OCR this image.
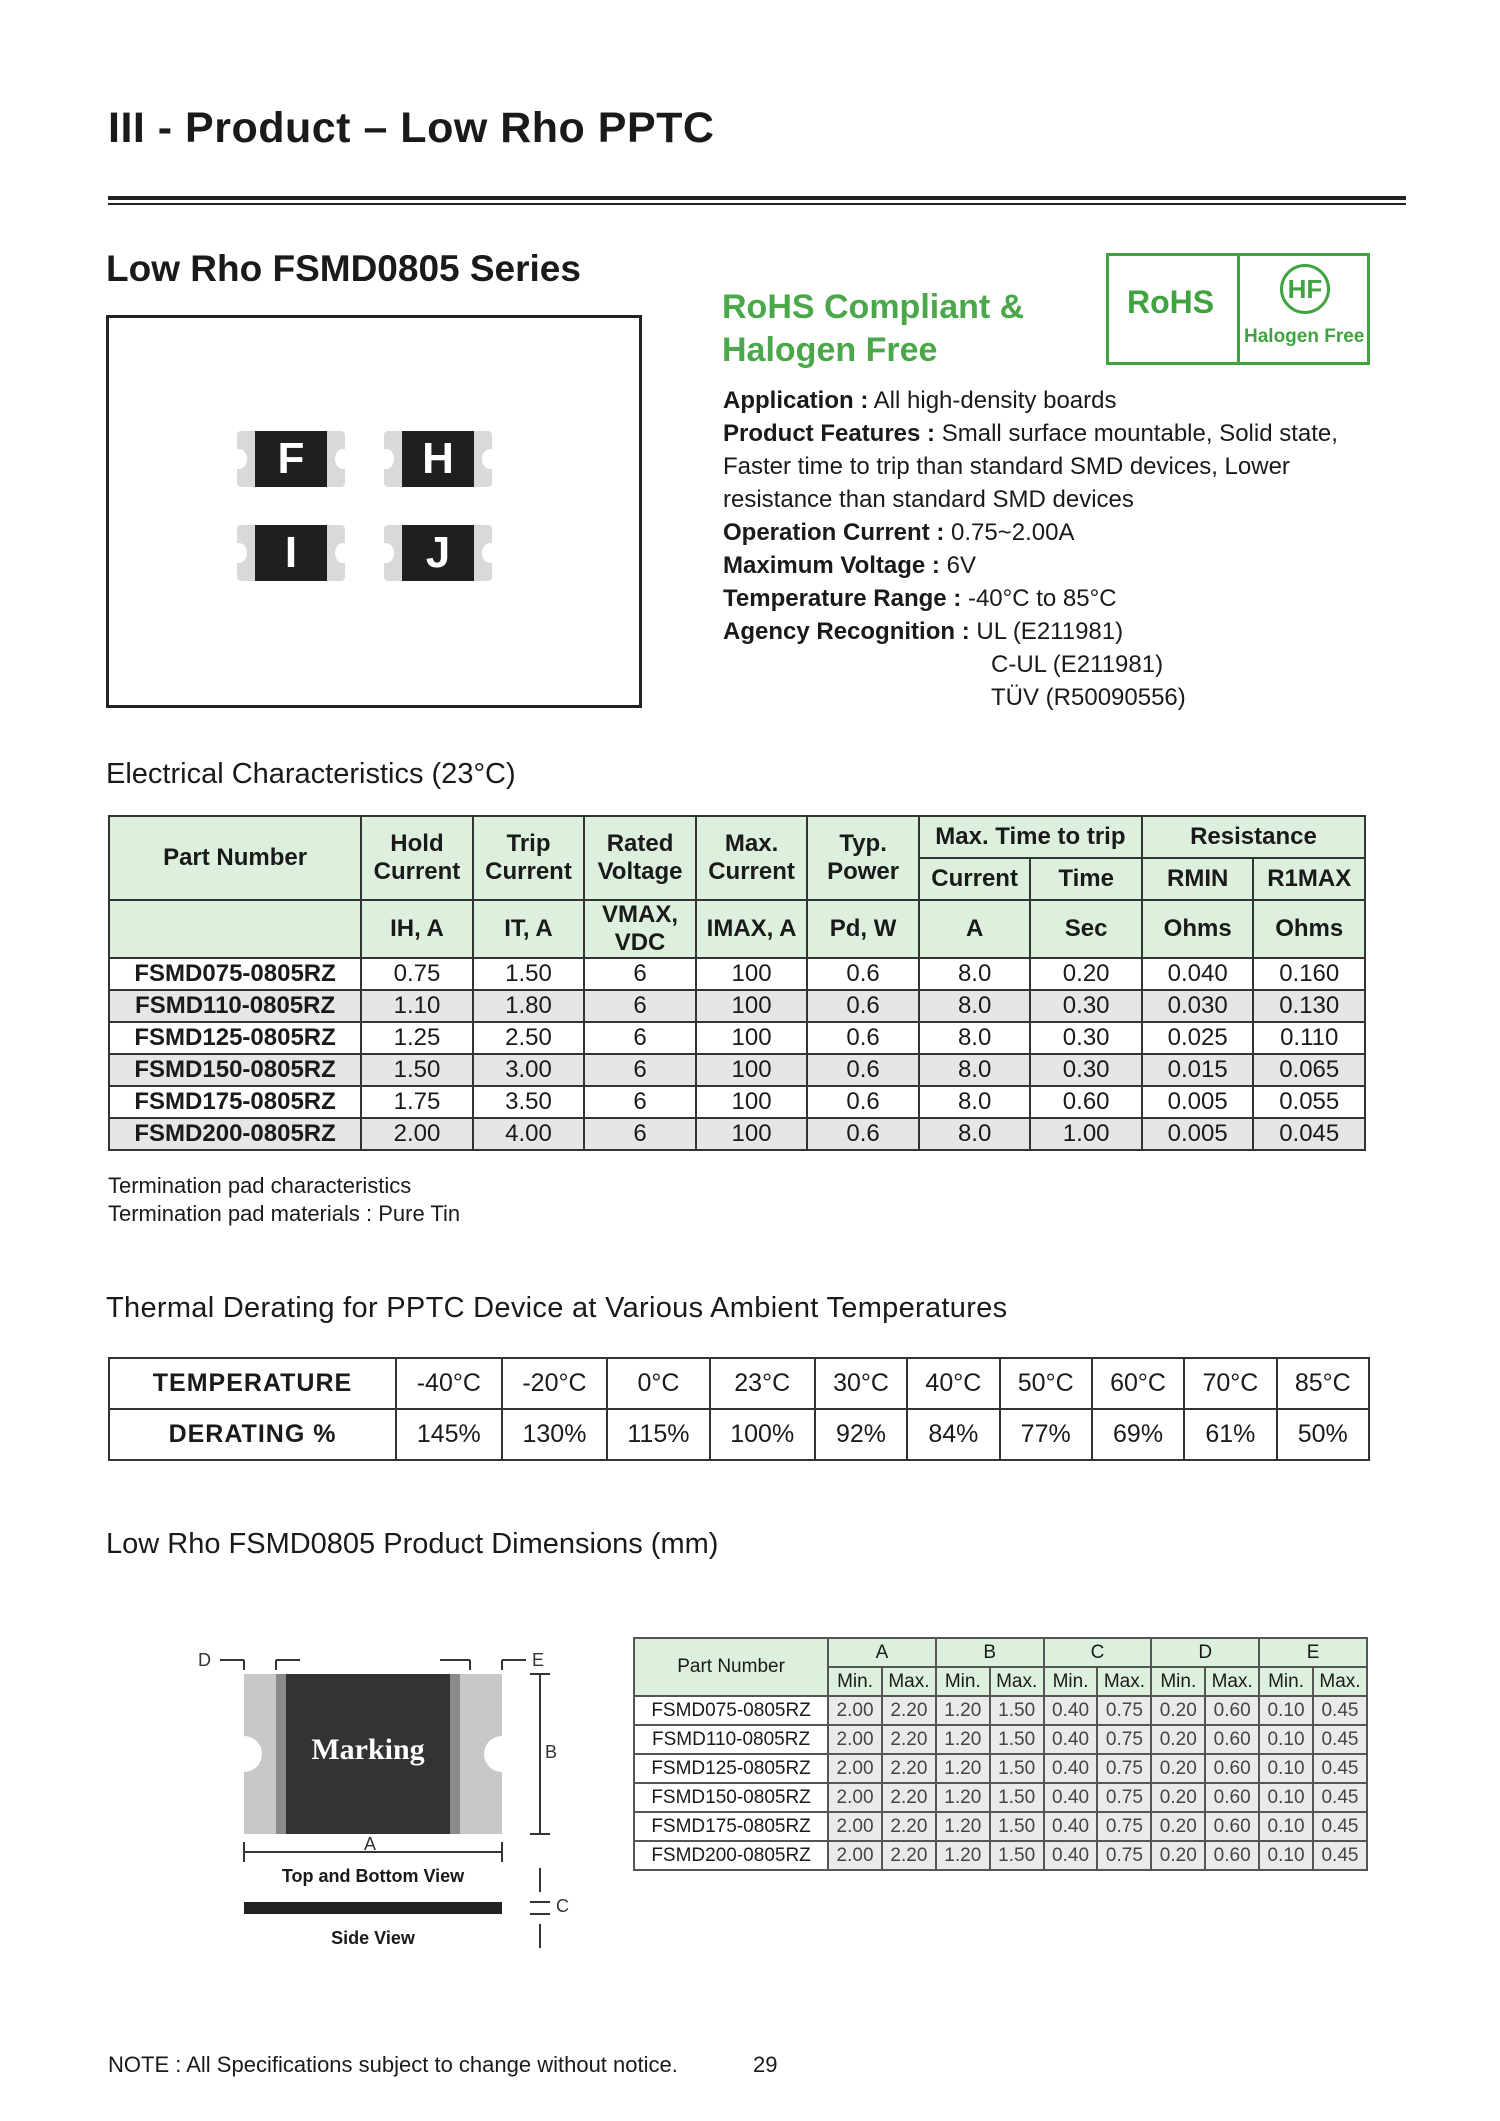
III - Product – Low Rho PPTC
Low Rho FSMD0805 Series
F	H
I	J
RoHS Compliant &
Halogen Free
RoHS	HF
Halogen Free
Application : All high-density boards
Product Features : Small surface mountable, Solid state, Faster time to trip than standard SMD devices, Lower resistance than standard SMD devices
Operation Current : 0.75~2.00A
Maximum Voltage : 6V
Temperature Range : -40°C to 85°C
Agency Recognition : UL (E211981)
C-UL (E211981)
TÜV (R50090556)
Electrical Characteristics (23°C)
Part Number	Hold Current	Trip Current	Rated Voltage	Max. Current	Typ. Power	Max. Time to trip		Resistance	
						Current	Time	RMIN	R1MAX
	IH, A	IT, A	VMAX, VDC	IMAX, A	Pd, W	A	Sec	Ohms	Ohms
FSMD075-0805RZ	0.75	1.50	6	100	0.6	8.0	0.20	0.040	0.160
FSMD110-0805RZ	1.10	1.80	6	100	0.6	8.0	0.30	0.030	0.130
FSMD125-0805RZ	1.25	2.50	6	100	0.6	8.0	0.30	0.025	0.110
FSMD150-0805RZ	1.50	3.00	6	100	0.6	8.0	0.30	0.015	0.065
FSMD175-0805RZ	1.75	3.50	6	100	0.6	8.0	0.60	0.005	0.055
FSMD200-0805RZ	2.00	4.00	6	100	0.6	8.0	1.00	0.005	0.045
Termination pad characteristics
Termination pad materials : Pure Tin
Thermal Derating for PPTC Device at Various Ambient Temperatures
TEMPERATURE	-40°C	-20°C	0°C	23°C	30°C	40°C	50°C	60°C	70°C	85°C
DERATING %	145%	130%	115%	100%	92%	84%	77%	69%	61%	50%
Low Rho FSMD0805 Product Dimensions (mm)
D	E
B
A
C
Marking
Top and Bottom View
Side View
Part Number	A		B		C		D		E	
	Min.	Max.	Min.	Max.	Min.	Max.	Min.	Max.	Min.	Max.
FSMD075-0805RZ	2.00	2.20	1.20	1.50	0.40	0.75	0.20	0.60	0.10	0.45
FSMD110-0805RZ	2.00	2.20	1.20	1.50	0.40	0.75	0.20	0.60	0.10	0.45
FSMD125-0805RZ	2.00	2.20	1.20	1.50	0.40	0.75	0.20	0.60	0.10	0.45
FSMD150-0805RZ	2.00	2.20	1.20	1.50	0.40	0.75	0.20	0.60	0.10	0.45
FSMD175-0805RZ	2.00	2.20	1.20	1.50	0.40	0.75	0.20	0.60	0.10	0.45
FSMD200-0805RZ	2.00	2.20	1.20	1.50	0.40	0.75	0.20	0.60	0.10	0.45
NOTE : All Specifications subject to change without notice.	29
